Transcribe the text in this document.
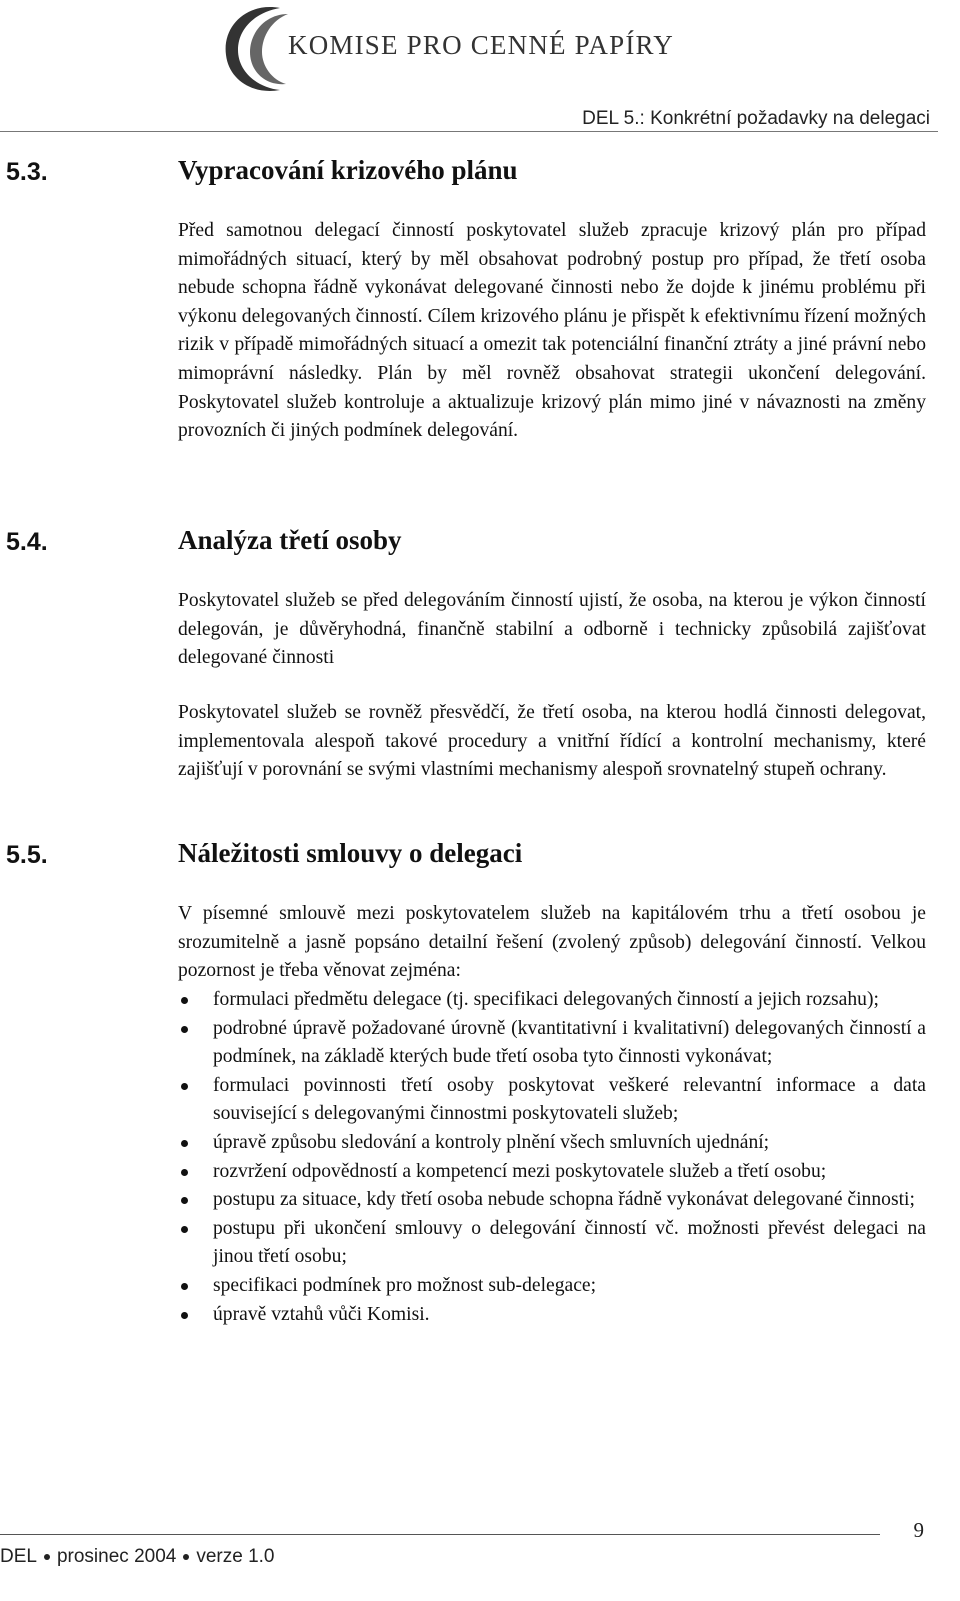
KOMISE PRO CENNÉ PAPÍRY
DEL 5.: Konkrétní požadavky na delegaci
5.3.	Vypracování krizového plánu
Před samotnou delegací činností poskytovatel služeb zpracuje krizový plán pro případ mimořádných situací, který by měl obsahovat podrobný postup pro případ, že třetí osoba nebude schopna řádně vykonávat delegované činnosti nebo že dojde k jinému problému při výkonu delegovaných činností. Cílem krizového plánu je přispět k efektivnímu řízení možných rizik v případě mimořádných situací a omezit tak potenciální finanční ztráty a jiné právní nebo mimoprávní následky. Plán by měl rovněž obsahovat strategii ukončení delegování. Poskytovatel služeb kontroluje a aktualizuje krizový plán mimo jiné v návaznosti na změny provozních či jiných podmínek delegování.
5.4.	Analýza třetí osoby
Poskytovatel služeb se před delegováním činností ujistí, že osoba, na kterou je výkon činností delegován, je důvěryhodná, finančně stabilní a odborně i technicky způsobilá zajišťovat delegované činnosti
Poskytovatel služeb se rovněž přesvědčí, že třetí osoba, na kterou hodlá činnosti delegovat, implementovala alespoň takové procedury a vnitřní řídící a kontrolní mechanismy, které zajišťují v porovnání se svými vlastními mechanismy alespoň srovnatelný stupeň ochrany.
5.5.	Náležitosti smlouvy o delegaci
V písemné smlouvě mezi poskytovatelem služeb na kapitálovém trhu a třetí osobou je srozumitelně a jasně popsáno detailní řešení (zvolený způsob) delegování činností. Velkou pozornost je třeba věnovat zejména:
formulaci předmětu delegace (tj. specifikaci delegovaných činností a jejich rozsahu);
podrobné úpravě požadované úrovně (kvantitativní i kvalitativní) delegovaných činností a podmínek, na základě kterých bude třetí osoba tyto činnosti vykonávat;
formulaci povinnosti třetí osoby poskytovat veškeré relevantní informace a data související s delegovanými činnostmi poskytovateli služeb;
úpravě způsobu sledování a kontroly plnění všech smluvních ujednání;
rozvržení odpovědností a kompetencí mezi poskytovatele služeb a třetí osobu;
postupu za situace, kdy třetí osoba nebude schopna řádně vykonávat delegované činnosti;
postupu při ukončení smlouvy o delegování činností vč. možnosti převést delegaci na jinou třetí osobu;
specifikaci podmínek pro možnost sub-delegace;
úpravě vztahů vůči Komisi.
9
DEL prosinec 2004 verze 1.0
